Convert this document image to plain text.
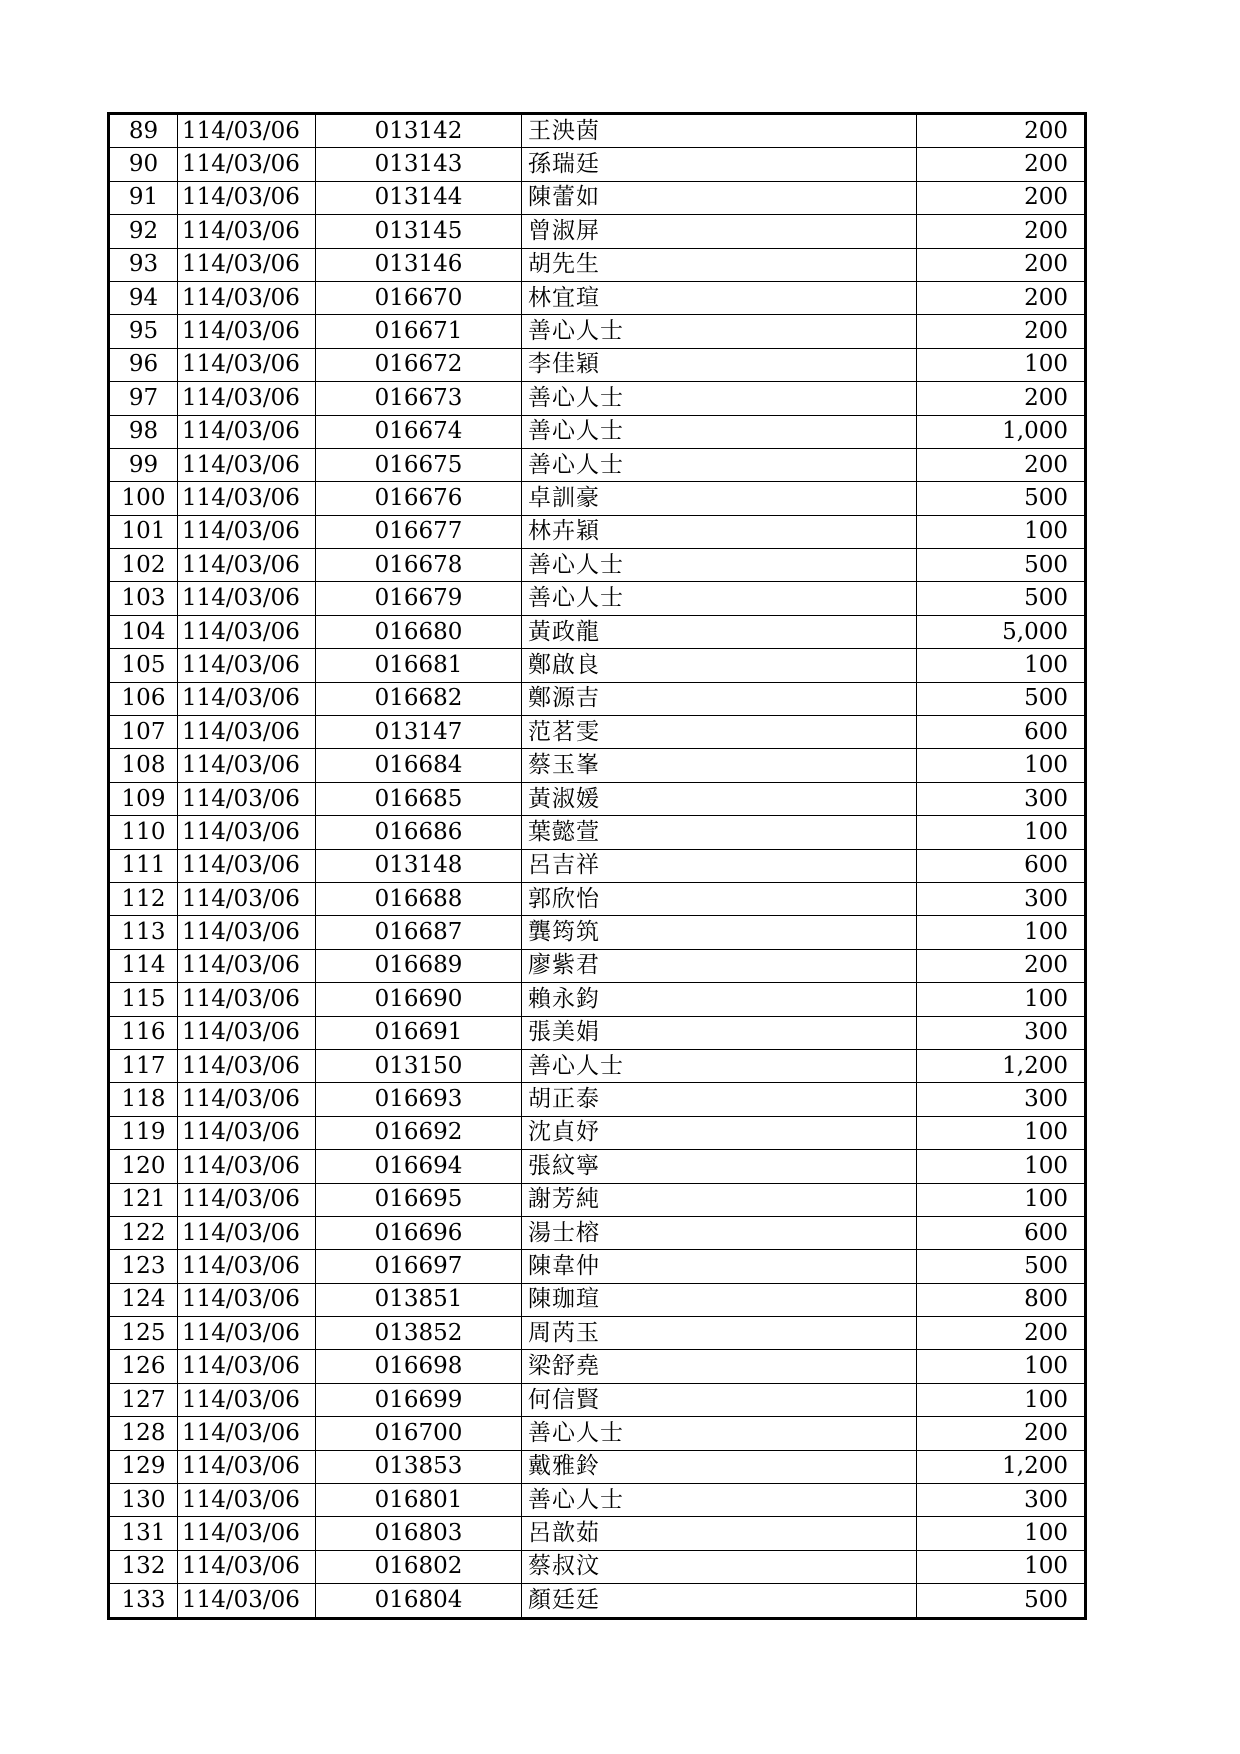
89	114/03/06	013142	王泱茵	200
90	114/03/06	013143	孫瑞廷	200
91	114/03/06	013144	陳蕾如	200
92	114/03/06	013145	曾淑屏	200
93	114/03/06	013146	胡先生	200
94	114/03/06	016670	林宜瑄	200
95	114/03/06	016671	善心人士	200
96	114/03/06	016672	李佳穎	100
97	114/03/06	016673	善心人士	200
98	114/03/06	016674	善心人士	1,000
99	114/03/06	016675	善心人士	200
100	114/03/06	016676	卓訓豪	500
101	114/03/06	016677	林卉穎	100
102	114/03/06	016678	善心人士	500
103	114/03/06	016679	善心人士	500
104	114/03/06	016680	黃政龍	5,000
105	114/03/06	016681	鄭啟良	100
106	114/03/06	016682	鄭源吉	500
107	114/03/06	013147	范茗雯	600
108	114/03/06	016684	蔡玉峯	100
109	114/03/06	016685	黃淑媛	300
110	114/03/06	016686	葉懿萱	100
111	114/03/06	013148	呂吉祥	600
112	114/03/06	016688	郭欣怡	300
113	114/03/06	016687	龔筠筑	100
114	114/03/06	016689	廖紫君	200
115	114/03/06	016690	賴永鈞	100
116	114/03/06	016691	張美娟	300
117	114/03/06	013150	善心人士	1,200
118	114/03/06	016693	胡正泰	300
119	114/03/06	016692	沈貞妤	100
120	114/03/06	016694	張紋寧	100
121	114/03/06	016695	謝芳純	100
122	114/03/06	016696	湯士榕	600
123	114/03/06	016697	陳韋仲	500
124	114/03/06	013851	陳珈瑄	800
125	114/03/06	013852	周芮玉	200
126	114/03/06	016698	梁舒堯	100
127	114/03/06	016699	何信賢	100
128	114/03/06	016700	善心人士	200
129	114/03/06	013853	戴雅鈴	1,200
130	114/03/06	016801	善心人士	300
131	114/03/06	016803	呂歆茹	100
132	114/03/06	016802	蔡叔汶	100
133	114/03/06	016804	顏廷廷	500
